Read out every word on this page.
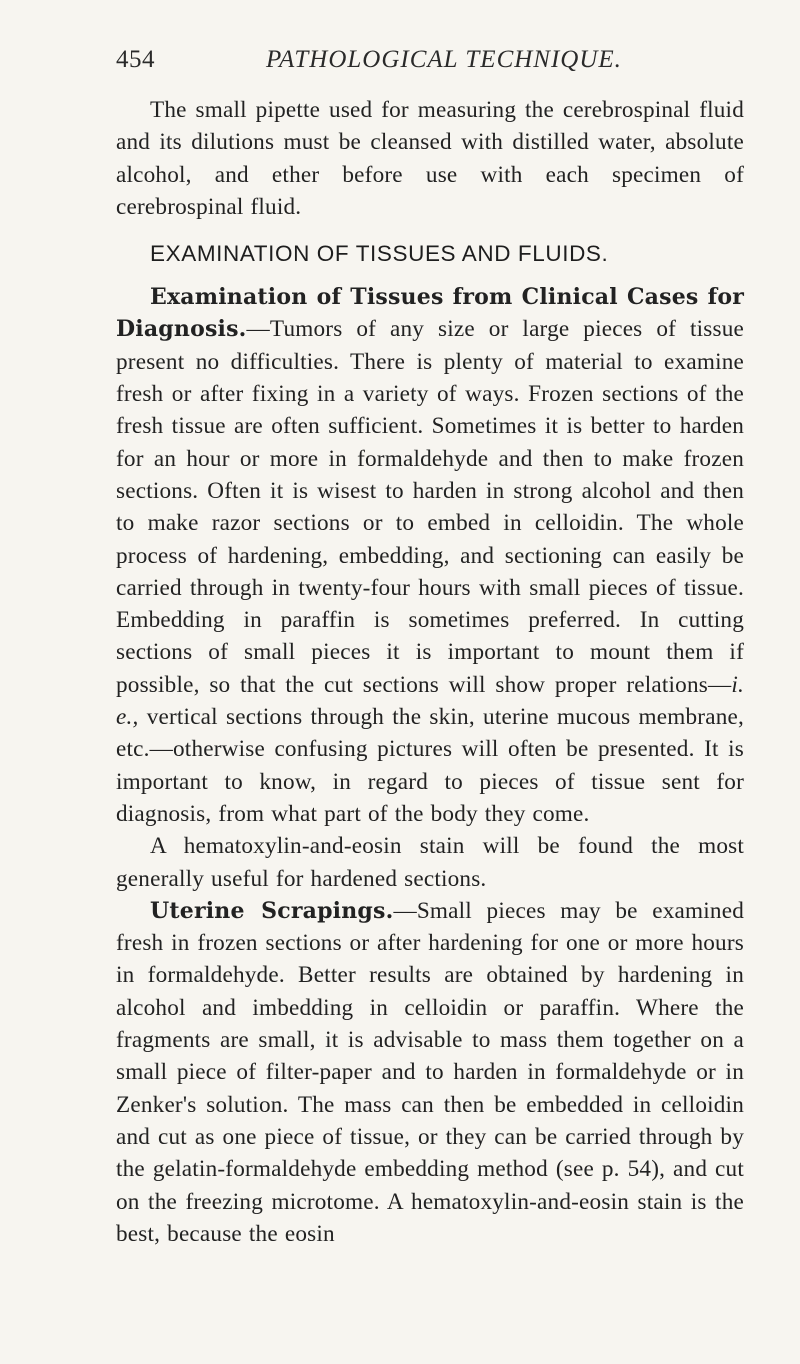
454	PATHOLOGICAL TECHNIQUE.

The small pipette used for measuring the cerebrospinal fluid and its dilutions must be cleansed with distilled water, absolute alcohol, and ether before use with each specimen of cerebrospinal fluid.

EXAMINATION OF TISSUES AND FLUIDS.

Examination of Tissues from Clinical Cases for Diagnosis.—Tumors of any size or large pieces of tissue present no difficulties. There is plenty of material to examine fresh or after fixing in a variety of ways. Frozen sections of the fresh tissue are often sufficient. Sometimes it is better to harden for an hour or more in formaldehyde and then to make frozen sections. Often it is wisest to harden in strong alcohol and then to make razor sections or to embed in celloidin. The whole process of hardening, embedding, and sectioning can easily be carried through in twenty-four hours with small pieces of tissue. Embedding in paraffin is sometimes preferred. In cutting sections of small pieces it is important to mount them if possible, so that the cut sections will show proper relations—i. e., vertical sections through the skin, uterine mucous membrane, etc.—otherwise confusing pictures will often be presented. It is important to know, in regard to pieces of tissue sent for diagnosis, from what part of the body they come.

A hematoxylin-and-eosin stain will be found the most generally useful for hardened sections.

Uterine Scrapings.—Small pieces may be examined fresh in frozen sections or after hardening for one or more hours in formaldehyde. Better results are obtained by hardening in alcohol and imbedding in celloidin or paraffin. Where the fragments are small, it is advisable to mass them together on a small piece of filter-paper and to harden in formaldehyde or in Zenker's solution. The mass can then be embedded in celloidin and cut as one piece of tissue, or they can be carried through by the gelatin-formaldehyde embedding method (see p. 54), and cut on the freezing microtome. A hematoxylin-and-eosin stain is the best, because the eosin
